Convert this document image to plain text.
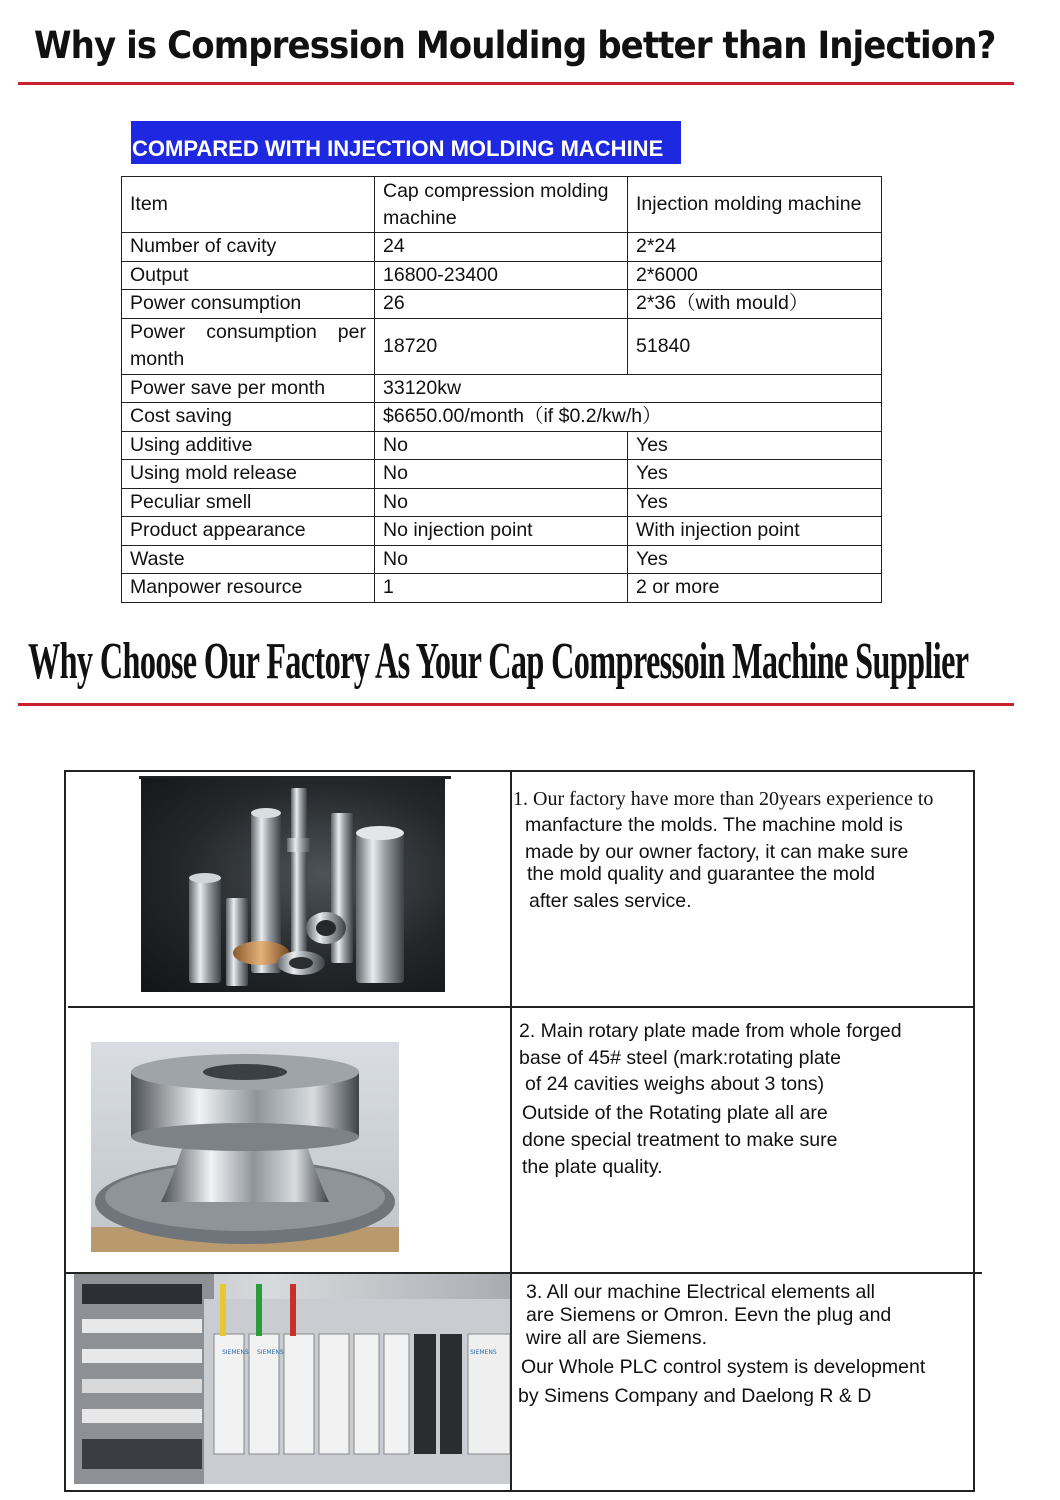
Why is Compression Moulding better than Injection?
COMPARED WITH INJECTION MOLDING MACHINE
Item	Cap compression molding machine	Injection molding machine
Number of cavity	24	2*24
Output	16800-23400	2*6000
Power consumption	26	2*36（with mould）
Power consumption per month	18720	51840
Power save per month	33120kw	
Cost saving	$6650.00/month（if $0.2/kw/h）	
Using additive	No	Yes
Using mold release	No	Yes
Peculiar smell	No	Yes
Product appearance	No injection point	With injection point
Waste	No	Yes
Manpower resource	1	2 or more
Why Choose Our Factory As Your Cap Compressoin Machine Supplier
SIEMENS SIEMENS	SIEMENS
1. Our factory have more than 20years experience to
manfacture the molds. The machine mold is
made by our owner factory, it can make sure
the mold quality and guarantee the mold
after sales service.
2. Main rotary plate made from whole forged
base of 45# steel (mark:rotating plate
of 24 cavities weighs about 3 tons)
Outside of the Rotating plate all are
done special treatment to make sure
the plate quality.
3. All our machine Electrical elements all
are Siemens or Omron. Eevn the plug and
wire all are Siemens.
Our Whole PLC control system is development
by Simens Company and Daelong R & D
